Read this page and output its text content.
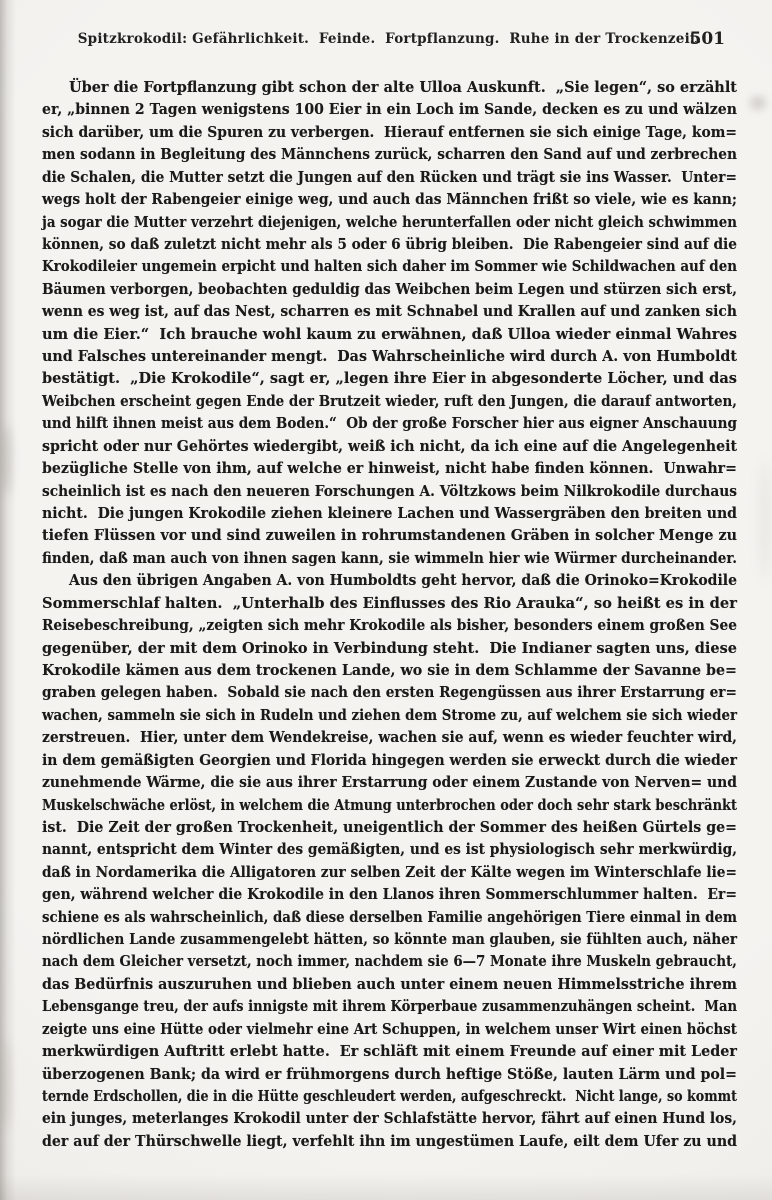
Spitzkrokodil: Gefährlichkeit.  Feinde.  Fortpflanzung.  Ruhe in der Trockenzeit.
501
Über die Fortpflanzung gibt schon der alte Ulloa Auskunft.  „Sie legen“, so erzählt
er, „binnen 2 Tagen wenigstens 100 Eier in ein Loch im Sande, decken es zu und wälzen
sich darüber, um die Spuren zu verbergen.  Hierauf entfernen sie sich einige Tage, kom=
men sodann in Begleitung des Männchens zurück, scharren den Sand auf und zerbrechen
die Schalen, die Mutter setzt die Jungen auf den Rücken und trägt sie ins Wasser.  Unter=
wegs holt der Rabengeier einige weg, und auch das Männchen frißt so viele, wie es kann;
ja sogar die Mutter verzehrt diejenigen, welche herunterfallen oder nicht gleich schwimmen
können, so daß zuletzt nicht mehr als 5 oder 6 übrig bleiben.  Die Rabengeier sind auf die
Krokodileier ungemein erpicht und halten sich daher im Sommer wie Schildwachen auf den
Bäumen verborgen, beobachten geduldig das Weibchen beim Legen und stürzen sich erst,
wenn es weg ist, auf das Nest, scharren es mit Schnabel und Krallen auf und zanken sich
um die Eier.“  Ich brauche wohl kaum zu erwähnen, daß Ulloa wieder einmal Wahres
und Falsches untereinander mengt.  Das Wahrscheinliche wird durch A. von Humboldt
bestätigt.  „Die Krokodile“, sagt er, „legen ihre Eier in abgesonderte Löcher, und das
Weibchen erscheint gegen Ende der Brutzeit wieder, ruft den Jungen, die darauf antworten,
und hilft ihnen meist aus dem Boden.“  Ob der große Forscher hier aus eigner Anschauung
spricht oder nur Gehörtes wiedergibt, weiß ich nicht, da ich eine auf die Angelegenheit
bezügliche Stelle von ihm, auf welche er hinweist, nicht habe finden können.  Unwahr=
scheinlich ist es nach den neueren Forschungen A. Völtzkows beim Nilkrokodile durchaus
nicht.  Die jungen Krokodile ziehen kleinere Lachen und Wassergräben den breiten und
tiefen Flüssen vor und sind zuweilen in rohrumstandenen Gräben in solcher Menge zu
finden, daß man auch von ihnen sagen kann, sie wimmeln hier wie Würmer durcheinander.
Aus den übrigen Angaben A. von Humboldts geht hervor, daß die Orinoko=Krokodile
Sommerschlaf halten.  „Unterhalb des Einflusses des Rio Arauka“, so heißt es in der
Reisebeschreibung, „zeigten sich mehr Krokodile als bisher, besonders einem großen See
gegenüber, der mit dem Orinoko in Verbindung steht.  Die Indianer sagten uns, diese
Krokodile kämen aus dem trockenen Lande, wo sie in dem Schlamme der Savanne be=
graben gelegen haben.  Sobald sie nach den ersten Regengüssen aus ihrer Erstarrung er=
wachen, sammeln sie sich in Rudeln und ziehen dem Strome zu, auf welchem sie sich wieder
zerstreuen.  Hier, unter dem Wendekreise, wachen sie auf, wenn es wieder feuchter wird,
in dem gemäßigten Georgien und Florida hingegen werden sie erweckt durch die wieder
zunehmende Wärme, die sie aus ihrer Erstarrung oder einem Zustande von Nerven= und
Muskelschwäche erlöst, in welchem die Atmung unterbrochen oder doch sehr stark beschränkt
ist.  Die Zeit der großen Trockenheit, uneigentlich der Sommer des heißen Gürtels ge=
nannt, entspricht dem Winter des gemäßigten, und es ist physiologisch sehr merkwürdig,
daß in Nordamerika die Alligatoren zur selben Zeit der Kälte wegen im Winterschlafe lie=
gen, während welcher die Krokodile in den Llanos ihren Sommerschlummer halten.  Er=
schiene es als wahrscheinlich, daß diese derselben Familie angehörigen Tiere einmal in dem
nördlichen Lande zusammengelebt hätten, so könnte man glauben, sie fühlten auch, näher
nach dem Gleicher versetzt, noch immer, nachdem sie 6—7 Monate ihre Muskeln gebraucht,
das Bedürfnis auszuruhen und blieben auch unter einem neuen Himmelsstriche ihrem
Lebensgange treu, der aufs innigste mit ihrem Körperbaue zusammenzuhängen scheint.  Man
zeigte uns eine Hütte oder vielmehr eine Art Schuppen, in welchem unser Wirt einen höchst
merkwürdigen Auftritt erlebt hatte.  Er schläft mit einem Freunde auf einer mit Leder
überzogenen Bank; da wird er frühmorgens durch heftige Stöße, lauten Lärm und pol=
ternde Erdschollen, die in die Hütte geschleudert werden, aufgeschreckt.  Nicht lange, so kommt
ein junges, meterlanges Krokodil unter der Schlafstätte hervor, fährt auf einen Hund los,
der auf der Thürschwelle liegt, verfehlt ihn im ungestümen Laufe, eilt dem Ufer zu und
